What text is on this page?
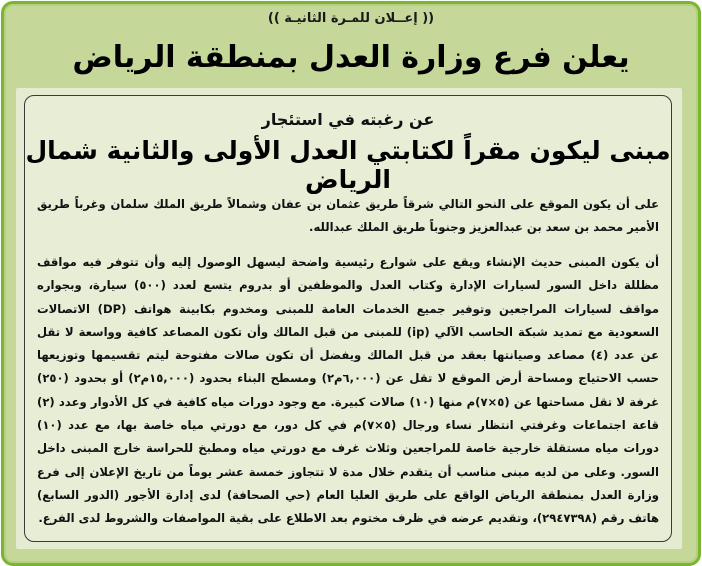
(( إعــلان للمـرة الثانيـة ))
يعلن فرع وزارة العدل بمنطقة الرياض
عن رغبته في استئجار
مبنى ليكون مقراً لكتابتي العدل الأولى والثانية شمال الرياض
على أن يكون الموقع على النحو التالي شرقاً طريق عثمان بن عفان وشمالاً طريق الملك سلمان وغرباً طريق الأمير محمد بن سعد بن عبدالعزيز وجنوباً طريق الملك عبدالله.
أن يكون المبنى حديث الإنشاء ويقع على شوارع رئيسية واضحة ليسهل الوصول إليه وأن تتوفر فيه مواقف مظللة داخل السور لسيارات الإدارة وكتاب العدل والموظفين أو بدروم يتسع لعدد (٥٠٠) سيارة، وبجواره مواقف لسيارات المراجعين وتوفير جميع الخدمات العامة للمبنى ومخدوم بكابينة هواتف (DP) الاتصالات السعودية مع تمديد شبكة الحاسب الآلي (ip) للمبنى من قبل المالك وأن تكون المصاعد كافية وواسعة لا تقل عن عدد (٤) مصاعد وصيانتها بعقد من قبل المالك ويفضل أن تكون صالات مفتوحة ليتم تقسيمها وتوزيعها حسب الاحتياج ومساحة أرض الموقع لا تقل عن (٦,٠٠٠م٢) ومسطح البناء بحدود (١٥,٠٠٠م٢) أو بحدود (٢٥٠) غرفة لا تقل مساحتها عن (٥×٧)م منها (١٠) صالات كبيرة. مع وجود دورات مياه كافية في كل الأدوار وعدد (٢) قاعة اجتماعات وغرفتي انتظار نساء ورجال (٥×٧)م في كل دور، مع دورتي مياه خاصة بها، مع عدد (١٠) دورات مياه مستقلة خارجية خاصة للمراجعين وثلاث غرف مع دورتي مياه ومطبخ للحراسة خارج المبنى داخل السور. وعلى من لديه مبنى مناسب أن يتقدم خلال مدة لا تتجاوز خمسة عشر يوماً من تاريخ الإعلان إلى فرع وزارة العدل بمنطقة الرياض الواقع على طريق العليا العام (حي الصحافة) لدى إدارة الأجور (الدور السابع) هاتف رقم (٢٩٤٧٣٩٨)، وتقديم عرضه في ظرف مختوم بعد الاطلاع على بقية المواصفات والشروط لدى الفرع.
